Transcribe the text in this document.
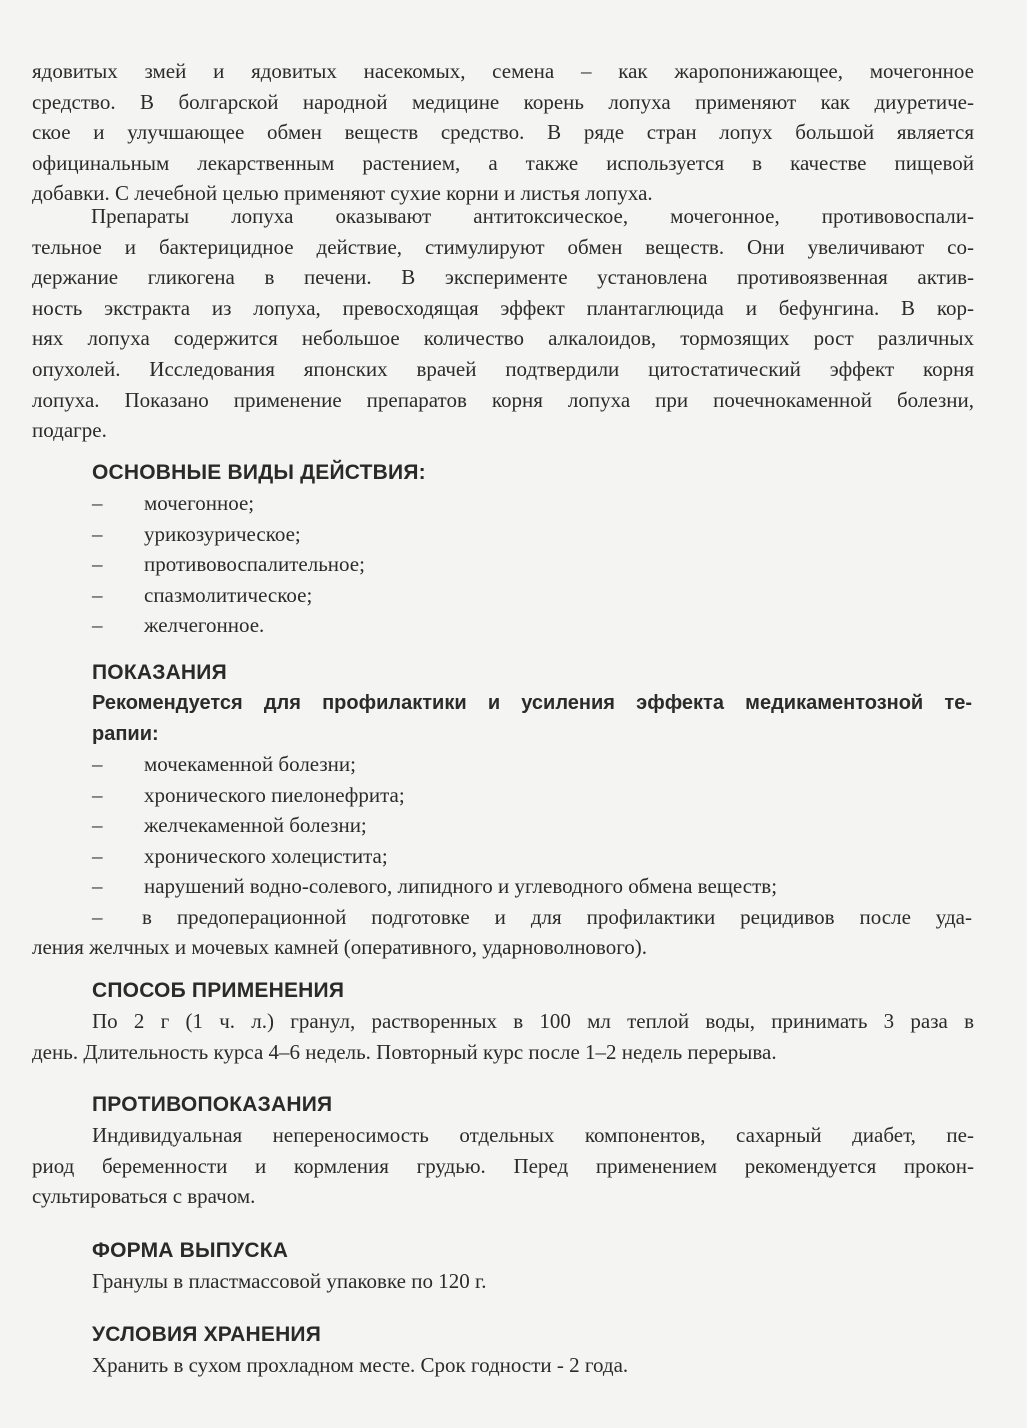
ядовитых змей и ядовитых насекомых, семена – как жаропонижающее, мочегонное
средство. В болгарской народной медицине корень лопуха применяют как диуретиче-
ское и улучшающее обмен веществ средство. В ряде стран лопух большой является
официнальным лекарственным растением, а также используется в качестве пищевой
добавки. С лечебной целью применяют сухие корни и листья лопуха.
Препараты лопуха оказывают антитоксическое, мочегонное, противовоспали-
тельное и бактерицидное действие, стимулируют обмен веществ. Они увеличивают со-
держание гликогена в печени. В эксперименте установлена противоязвенная актив-
ность экстракта из лопуха, превосходящая эффект плантаглюцида и бефунгина. В кор-
нях лопуха содержится небольшое количество алкалоидов, тормозящих рост различных
опухолей. Исследования японских врачей подтвердили цитостатический эффект корня
лопуха. Показано применение препаратов корня лопуха при почечнокаменной болезни,
подагре.
ОСНОВНЫЕ ВИДЫ ДЕЙСТВИЯ:
– мочегонное;
– урикозурическое;
– противовоспалительное;
– спазмолитическое;
– желчегонное.
ПОКАЗАНИЯ
Рекомендуется для профилактики и усиления эффекта медикаментозной те-
рапии:
– мочекаменной болезни;
– хронического пиелонефрита;
– желчекаменной болезни;
– хронического холецистита;
– нарушений водно-солевого, липидного и углеводного обмена веществ;
– в предоперационной подготовке и для профилактики рецидивов после уда-
ления желчных и мочевых камней (оперативного, ударноволнового).
СПОСОБ ПРИМЕНЕНИЯ
По 2 г (1 ч. л.) гранул, растворенных в 100 мл теплой воды, принимать 3 раза в
день. Длительность курса 4–6 недель. Повторный курс после 1–2 недель перерыва.
ПРОТИВОПОКАЗАНИЯ
Индивидуальная непереносимость отдельных компонентов, сахарный диабет, пе-
риод беременности и кормления грудью. Перед применением рекомендуется прокон-
сультироваться с врачом.
ФОРМА ВЫПУСКА
Гранулы в пластмассовой упаковке по 120 г.
УСЛОВИЯ ХРАНЕНИЯ
Хранить в сухом прохладном месте. Срок годности - 2 года.
